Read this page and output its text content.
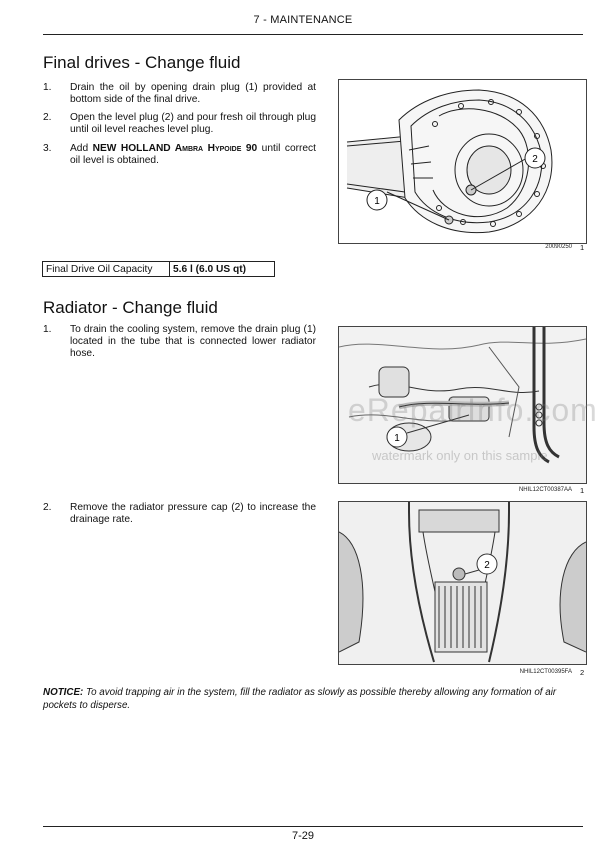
7 - MAINTENANCE
Final drives - Change fluid
1. Drain the oil by opening drain plug (1) provided at bottom side of the final drive.
2. Open the level plug (2) and pour fresh oil through plug until oil level reaches level plug.
3. Add NEW HOLLAND Ambra Hypoide 90 until correct oil level is obtained.
1
2
20090250 1
Final Drive Oil Capacity	5.6 l (6.0 US qt)
Radiator - Change fluid
1. To drain the cooling system, remove the drain plug (1) located in the tube that is connected lower radiator hose.
1
eRepairInfo.com
watermark only on this sample
NHIL12CT00387AA 1
2. Remove the radiator pressure cap (2) to increase the drainage rate.
2
NHIL12CT00395FA 2
NOTICE: To avoid trapping air in the system, fill the radiator as slowly as possible thereby allowing any formation of air pockets to disperse.
7-29
